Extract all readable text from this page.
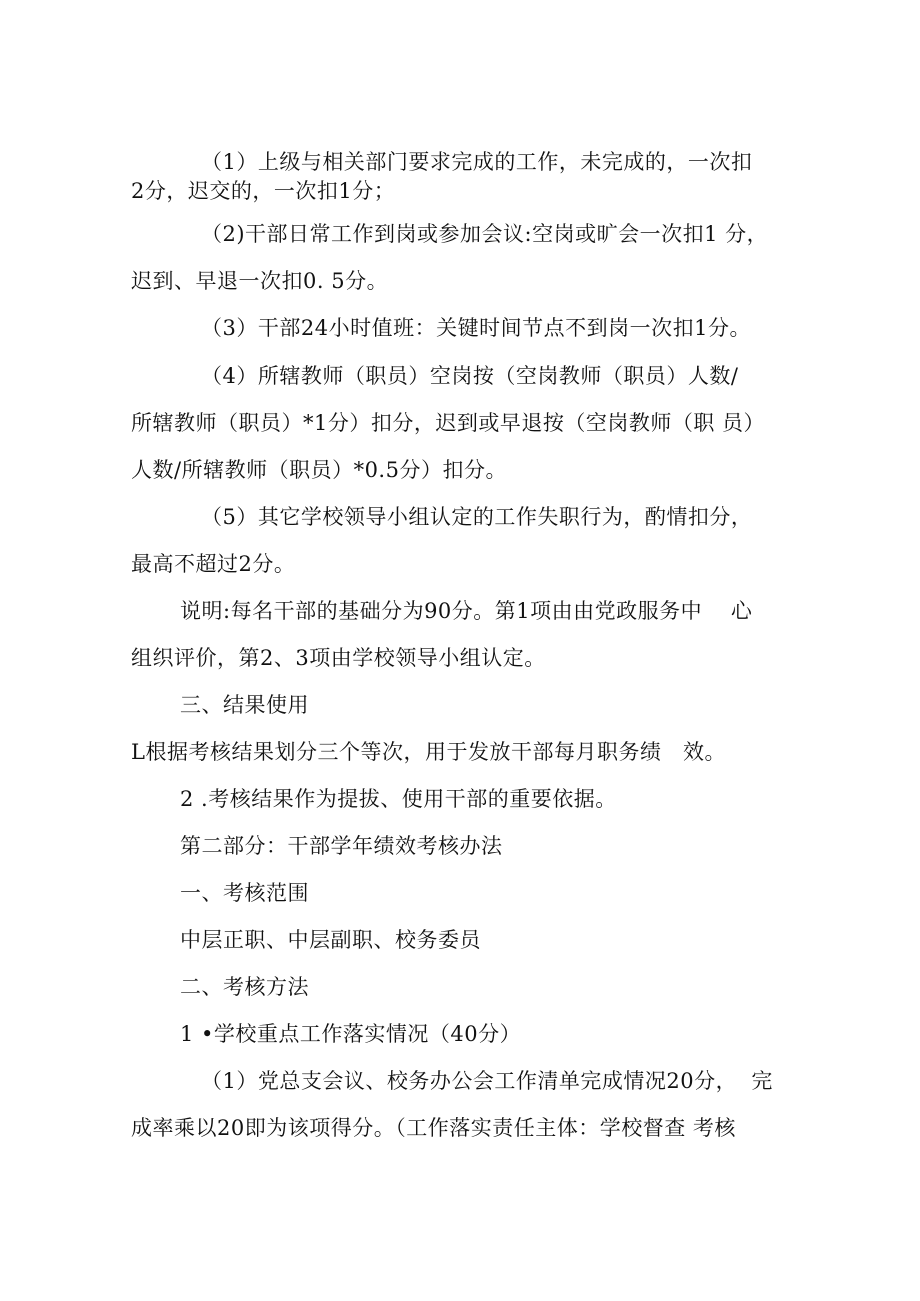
（1）上级与相关部门要求完成的工作，未完成的，一次扣
2分，迟交的，一次扣1分；
（2)干部日常工作到岗或参加会议:空岗或旷会一次扣1 分，
迟到、早退一次扣0. 5分。
（3）干部24小时值班：关键时间节点不到岗一次扣1分。
（4）所辖教师（职员）空岗按（空岗教师（职员）人数/
所辖教师（职员）*1分）扣分，迟到或早退按（空岗教师（职 员）
人数/所辖教师（职员）*0.5分）扣分。
（5）其它学校领导小组认定的工作失职行为，酌情扣分，
最高不超过2分。
说明:每名干部的基础分为90分。第1项由由党政服务中    心
组织评价，第2、3项由学校领导小组认定。
三、结果使用
L根据考核结果划分三个等次，用于发放干部每月职务绩   效。
2 .考核结果作为提拔、使用干部的重要依据。
第二部分：干部学年绩效考核办法
一、考核范围
中层正职、中层副职、校务委员
二、考核方法
1 •学校重点工作落实情况（40分）
（1）党总支会议、校务办公会工作清单完成情况20分，  完
成率乘以20即为该项得分。（工作落实责任主体：学校督查 考核
